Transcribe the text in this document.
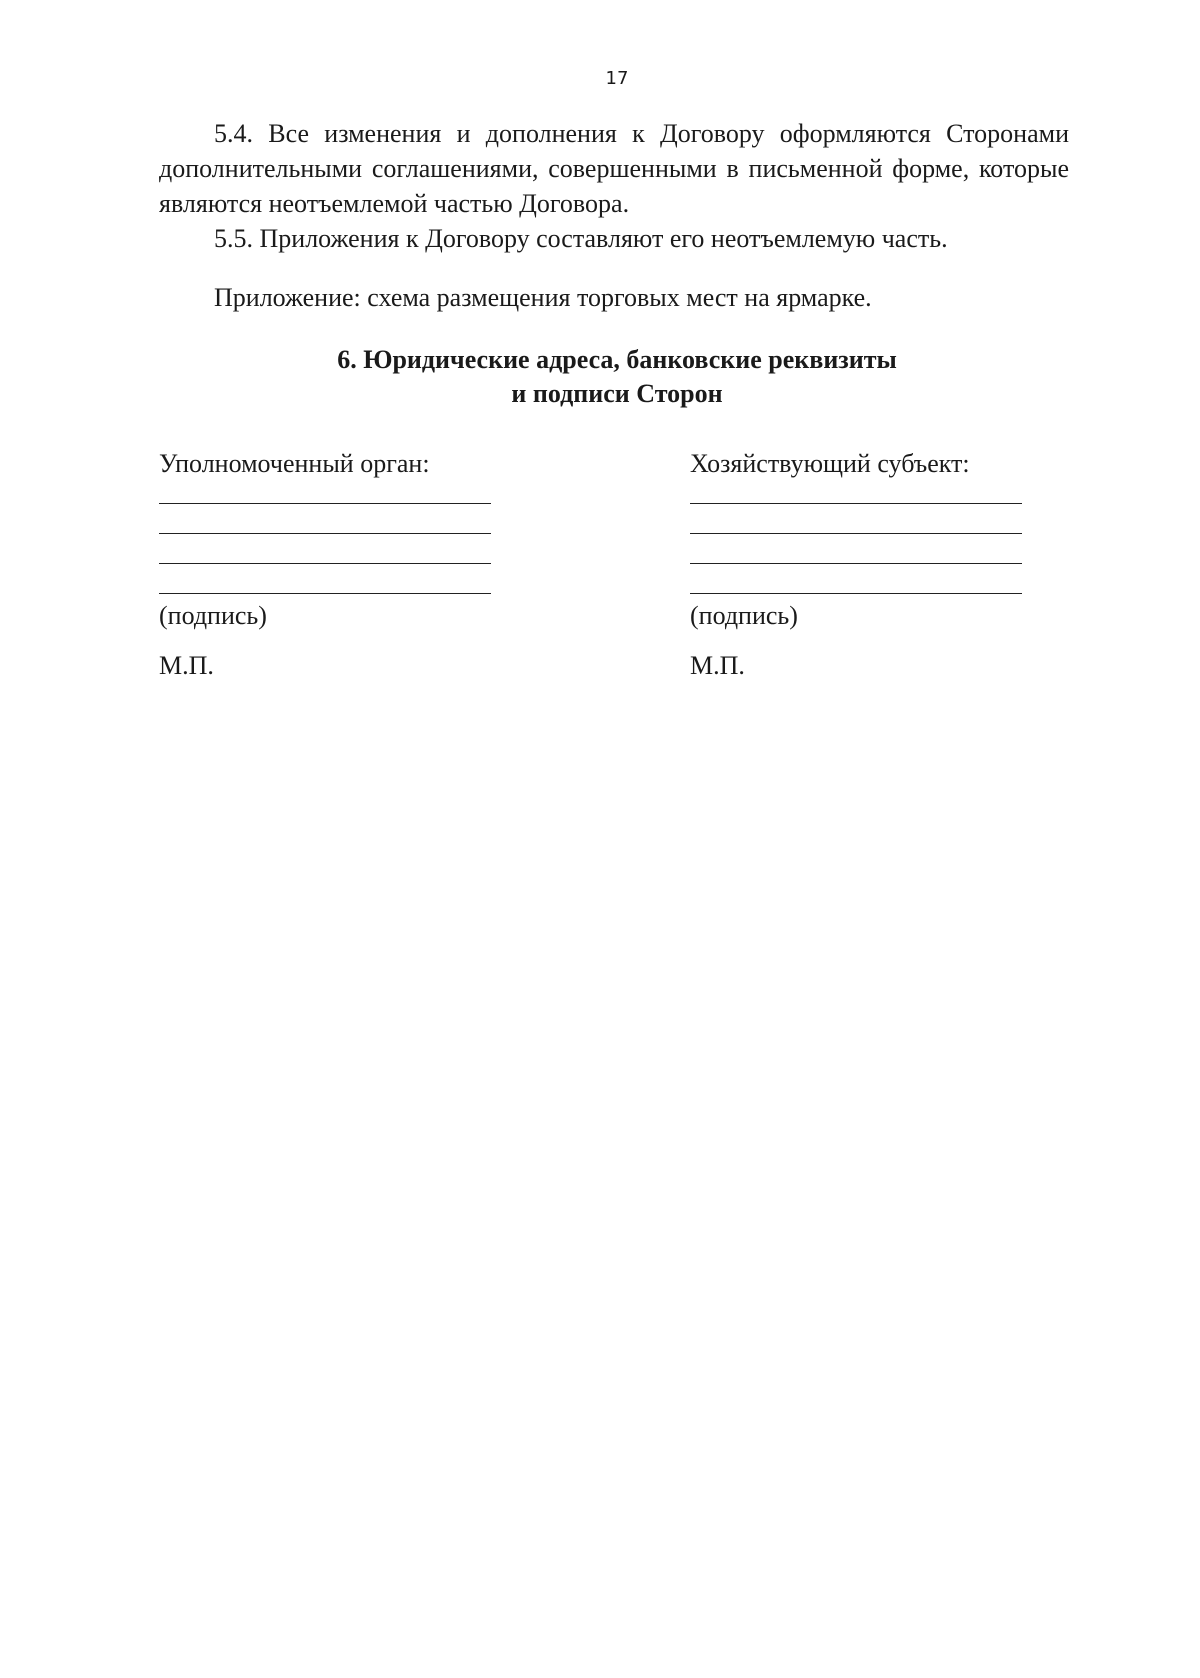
17

5.4. Все изменения и дополнения к Договору оформляются Сторонами дополнительными соглашениями, совершенными в письменной форме, которые являются неотъемлемой частью Договора.

5.5. Приложения к Договору составляют его неотъемлемую часть.

Приложение: схема размещения торговых мест на ярмарке.
6. Юридические адреса, банковские реквизиты
и подписи Сторон
Уполномоченный орган:
(подпись)
М.П.
Хозяйствующий субъект:
(подпись)
М.П.
